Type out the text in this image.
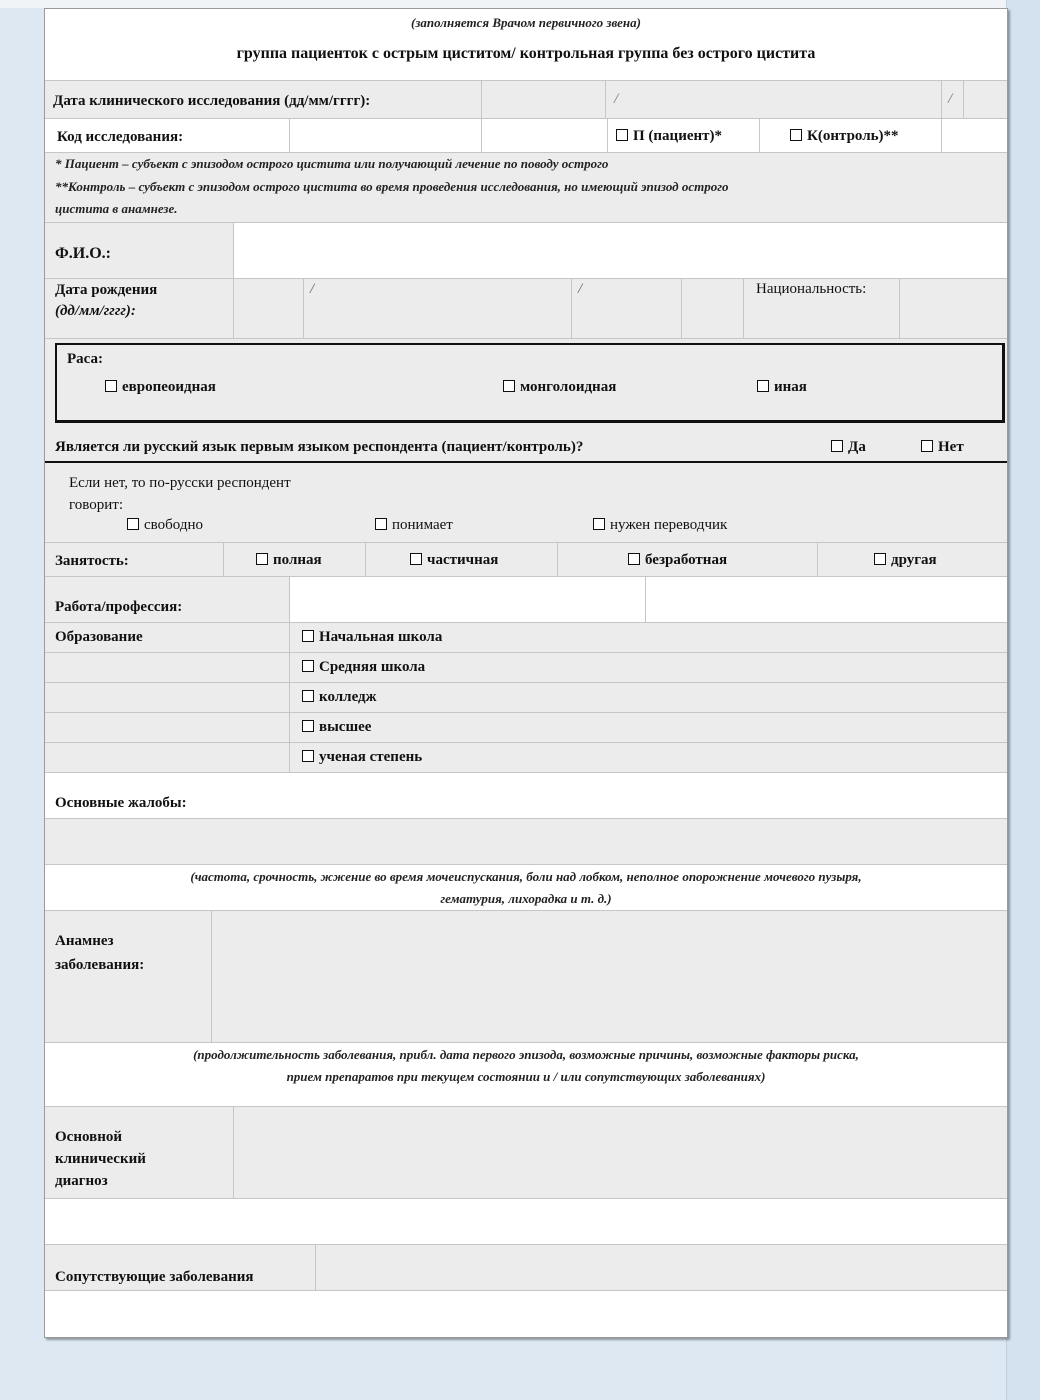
(заполняется Врачом первичного звена)
группа пациенток с острым циститом/ контрольная группа без острого цистита
Дата клинического исследования (дд/мм/гггг):	/	/
Код исследования:	П (пациент)*	К(онтроль)**
* Пациент – субъект с эпизодом острого цистита или получающий лечение по поводу острого
**Контроль – субъект с эпизодом острого цистита во время проведения исследования, но имеющий эпизод острого
цистита в анамнезе.
Ф.И.О.:
Дата рождения
(дд/мм/гггг):
/	/	Национальность:
Раса:
европеоидная	монголоидная	иная
Является ли русский язык первым языком респондента (пациент/контроль)?	Да	Нет
Если нет, то по-русски респондент
говорит:
свободно	понимает	нужен переводчик
Занятость:	полная	частичная	безработная	другая
Работа/профессия:
Образование	Начальная школа
Средняя школа
колледж
высшее
ученая степень
Основные жалобы:
(частота, срочность, жжение во время мочеиспускания, боли над лобком, неполное опорожнение мочевого пузыря,
гематурия, лихорадка и т. д.)
Анамнез
заболевания:
(продолжительность заболевания, прибл. дата первого эпизода, возможные причины, возможные факторы риска,
прием препаратов при текущем состоянии и / или сопутствующих заболеваниях)
Основной
клинический
диагноз
Сопутствующие заболевания
